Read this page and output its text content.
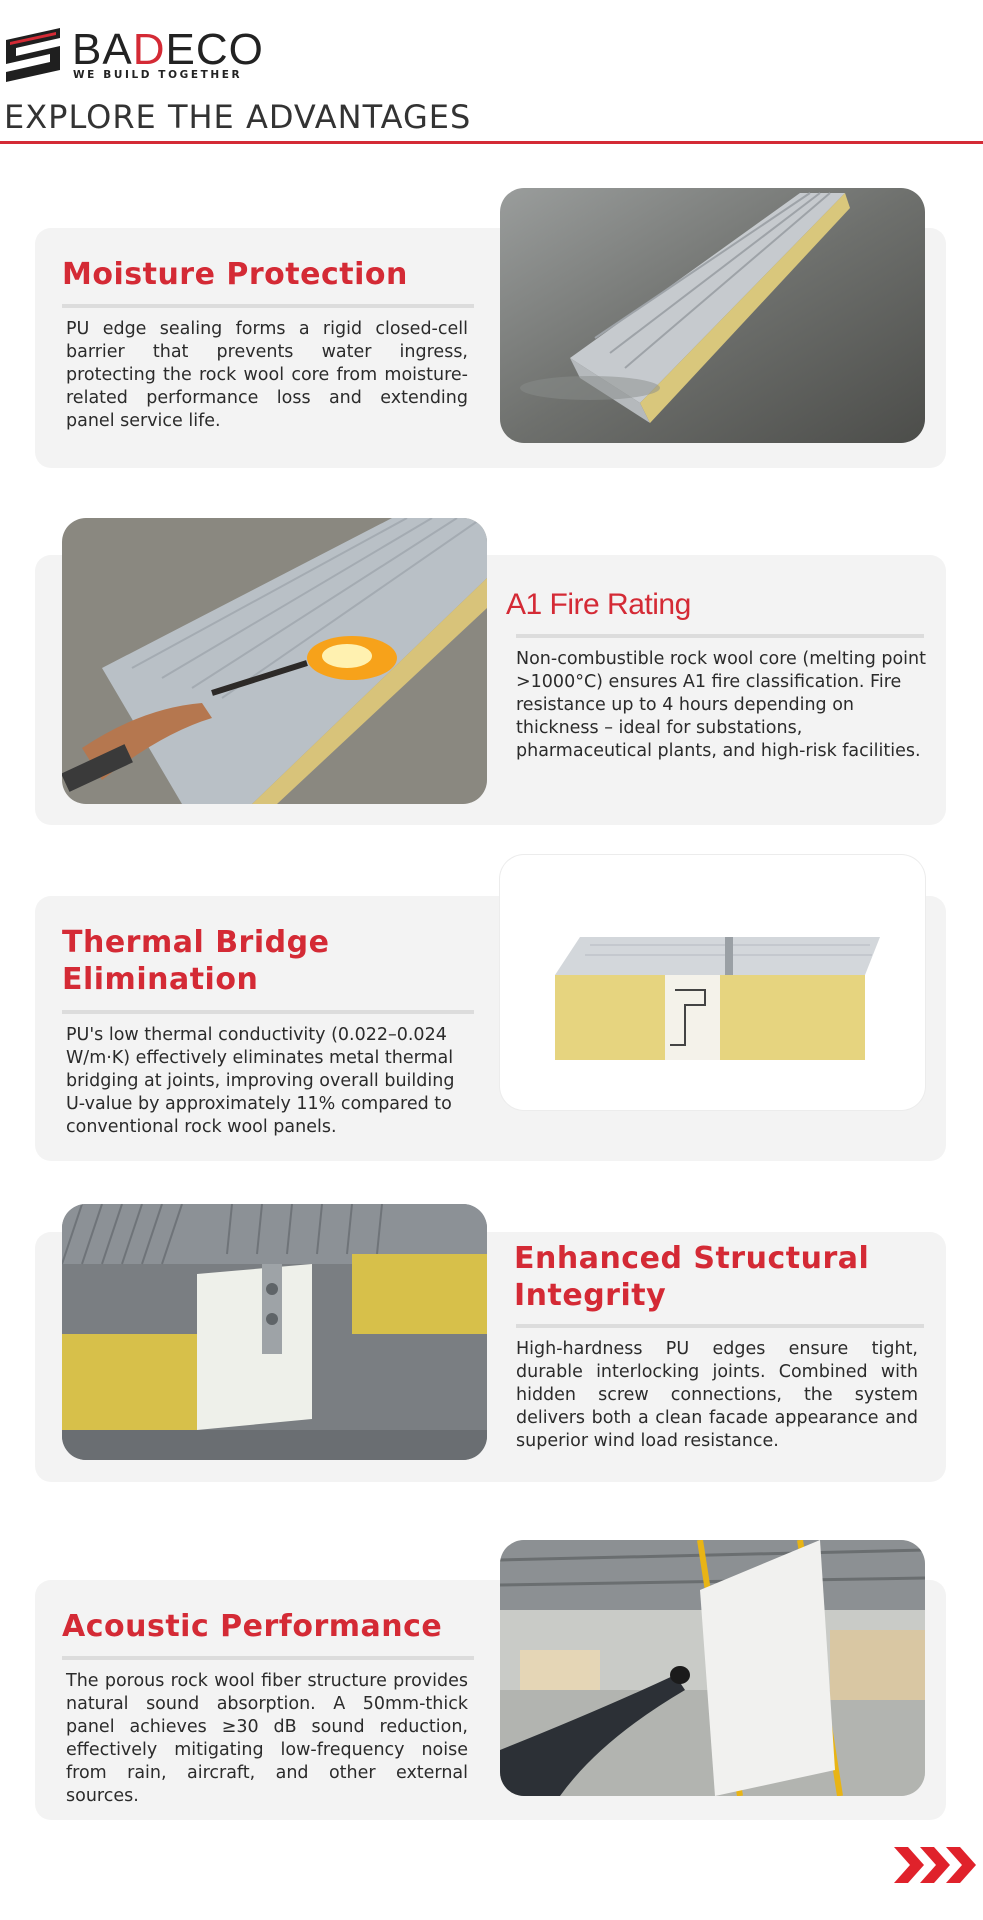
BADECO
WE BUILD TOGETHER
EXPLORE THE ADVANTAGES
Moisture Protection

PU edge sealing forms a rigid closed-cell barrier that prevents water ingress, protecting the rock wool core from moisture-related performance loss and extending panel service life.

A1 Fire Rating

Non-combustible rock wool core (melting point >1000°C) ensures A1 fire classification. Fire resistance up to 4 hours depending on thickness – ideal for substations, pharmaceutical plants, and high-risk facilities.

Thermal Bridge Elimination

PU's low thermal conductivity (0.022–0.024 W/m·K) effectively eliminates metal thermal bridging at joints, improving overall building U-value by approximately 11% compared to conventional rock wool panels.

Enhanced Structural Integrity

High-hardness PU edges ensure tight, durable interlocking joints. Combined with hidden screw connections, the system delivers both a clean facade appearance and superior wind load resistance.

Acoustic Performance

The porous rock wool fiber structure provides natural sound absorption. A 50mm-thick panel achieves ≥30 dB sound reduction, effectively mitigating low-frequency noise from rain, aircraft, and other external sources.
